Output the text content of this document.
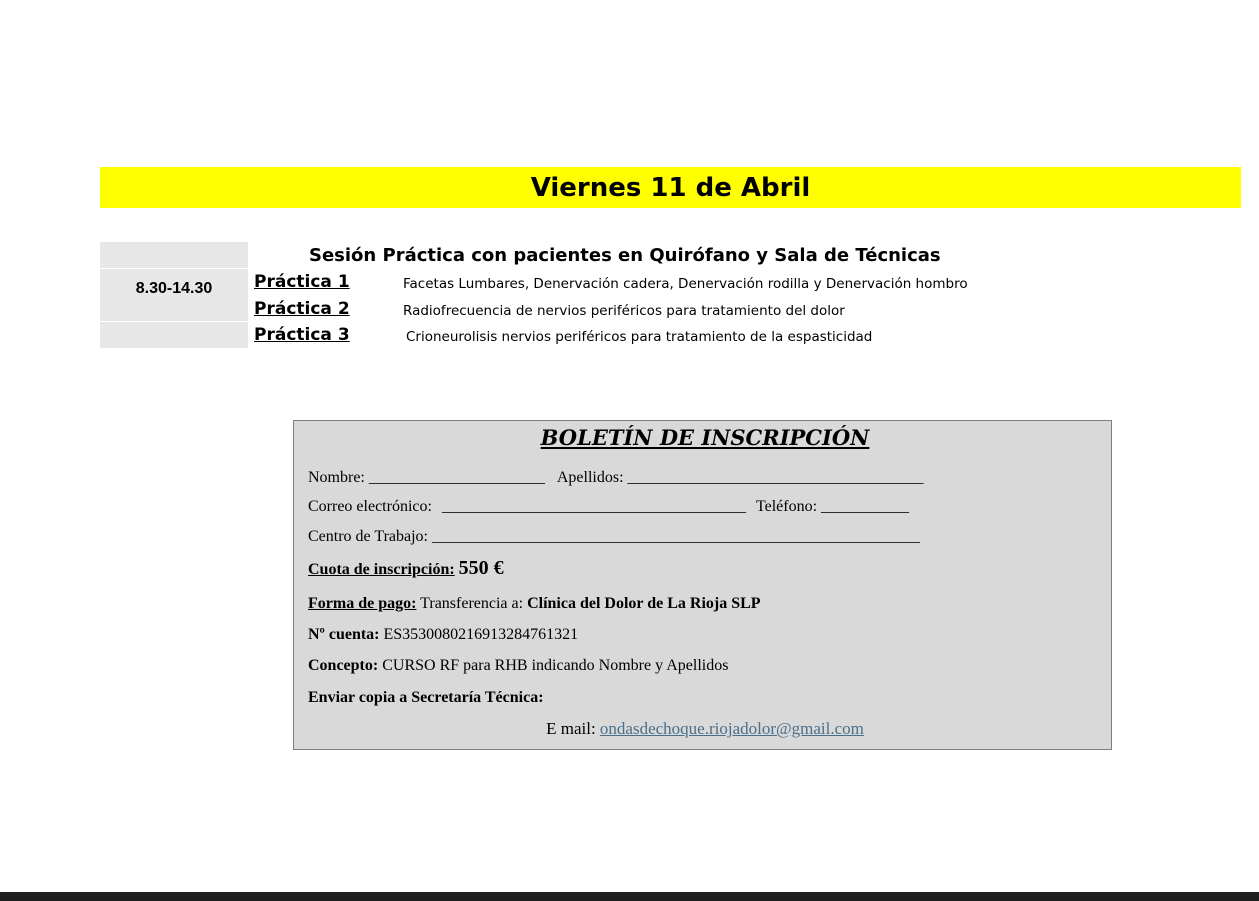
Viernes 11 de Abril
8.30-14.30
Sesión Práctica con pacientes en Quirófano y Sala de Técnicas
Práctica 1	Facetas Lumbares, Denervación cadera, Denervación rodilla y Denervación hombro
Práctica 2	Radiofrecuencia de nervios periféricos para tratamiento del dolor
Práctica 3	Crioneurolisis nervios periféricos para tratamiento de la espasticidad
BOLETÍN DE INSCRIPCIÓN
Nombre: ______________________ Apellidos: _____________________________________
Correo electrónico: ______________________________________ Teléfono: ___________
Centro de Trabajo: _____________________________________________________________
Cuota de inscripción: 550 €
Forma de pago: Transferencia a: Clínica del Dolor de La Rioja SLP
Nº cuenta: ES3530080216913284761321
Concepto: CURSO RF para RHB indicando Nombre y Apellidos
Enviar copia a Secretaría Técnica:
E mail: ondasdechoque.riojadolor@gmail.com
